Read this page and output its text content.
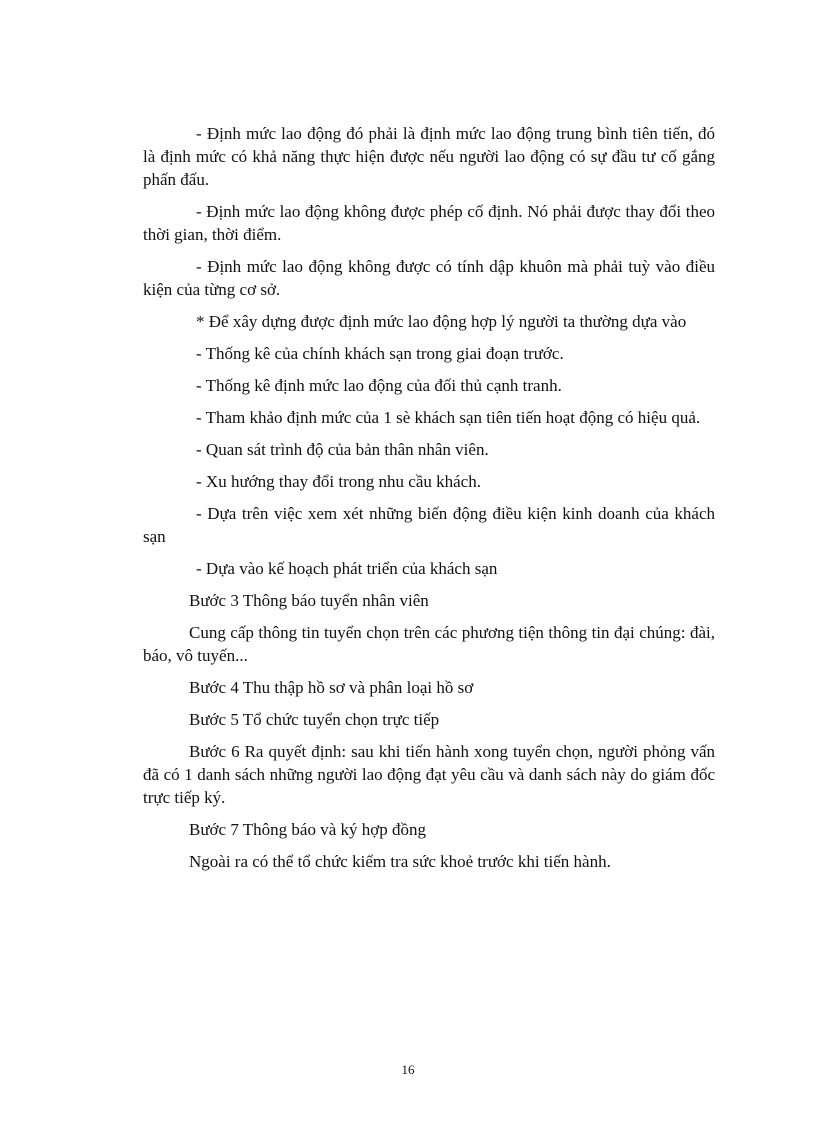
- Định mức lao động đó phải là định mức lao động trung bình tiên tiến, đó là định mức có khả năng thực hiện được nếu người lao động có sự đầu tư cố gắng phấn đấu.

- Định mức lao động không được phép cố định. Nó phải được thay đổi theo thời gian, thời điểm.

- Định mức lao động không được có tính dập khuôn mà phải tuỳ vào điều kiện của từng cơ sở.

* Để xây dựng được định mức lao động hợp lý người ta thường dựa vào

- Thống kê của chính khách sạn trong giai đoạn trước.

- Thống kê định mức lao động của đối thủ cạnh tranh.

- Tham khảo định mức của 1 sè khách sạn tiên tiến hoạt động có hiệu quả.

- Quan sát trình độ của bản thân nhân viên.

- Xu hướng thay đổi trong nhu cầu khách.

- Dựa trên việc xem xét những biến động điều kiện kinh doanh của khách sạn

- Dựa vào kế hoạch phát triển của khách sạn

Bước 3 Thông báo tuyển nhân viên

Cung cấp thông tin tuyển chọn trên các phương tiện thông tin đại chúng: đài, báo, vô tuyến...

Bước 4 Thu thập hồ sơ và phân loại hồ sơ

Bước 5 Tổ chức tuyển chọn trực tiếp

Bước 6 Ra quyết định: sau khi tiến hành xong tuyển chọn, người phỏng vấn đã có 1 danh sách những người lao động đạt yêu cầu và danh sách này do giám đốc trực tiếp ký.

Bước 7 Thông báo và ký hợp đồng

Ngoài ra có thể tổ chức kiểm tra sức khoẻ trước khi tiến hành.

16
